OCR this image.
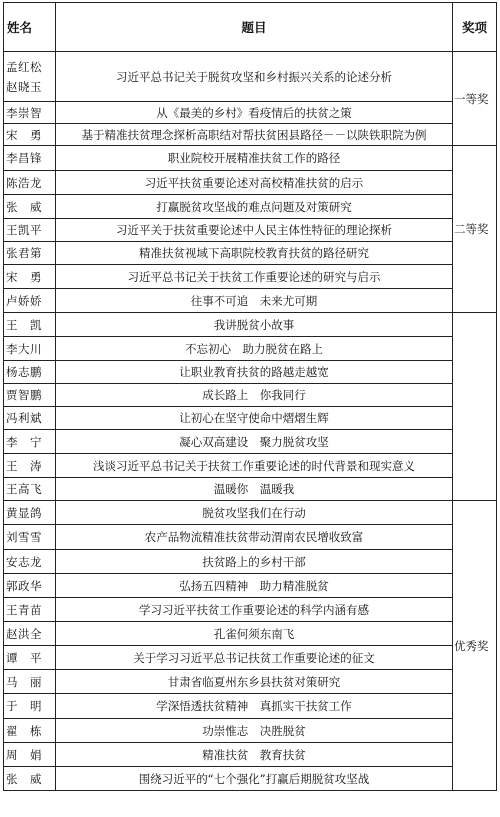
姓名	题目	奖项	

孟红松
赵晓玉	习近平总书记关于脱贫攻坚和乡村振兴关系的论述分析	一等奖	

李崇智	从《最美的乡村》看疫情后的扶贫之策		

宋　勇	基于精准扶贫理念探析高职结对帮扶贫困县路径－－以陕铁职院为例		

李昌锋	职业院校开展精准扶贫工作的路径	二等奖	

陈浩龙	习近平扶贫重要论述对高校精准扶贫的启示		

张　威	打赢脱贫攻坚战的难点问题及对策研究		

王凯平	习近平关于扶贫重要论述中人民主体性特征的理论探析		

张君第	精准扶贫视域下高职院校教育扶贫的路径研究		

宋　勇	习近平总书记关于扶贫工作重要论述的研究与启示		

卢娇娇	往事不可追　未来尤可期	

王　凯	我讲脱贫小故事		

李大川	不忘初心　助力脱贫在路上		

杨志鹏	让职业教育扶贫的路越走越宽		

贾智鹏	成长路上　你我同行		

冯利斌	让初心在坚守使命中熠熠生辉		

李　宁	凝心双高建设　聚力脱贫攻坚		

王　涛	浅谈习近平总书记关于扶贫工作重要论述的时代背景和现实意义		

王高飞	温暖你　温暖我		

黄显鸽	脱贫攻坚我们在行动	优秀奖	

刘雪雪	农产品物流精准扶贫带动渭南农民增收致富		

安志龙	扶贫路上的乡村干部		

郭政华	弘扬五四精神　助力精准脱贫		

王青苗	学习习近平扶贫工作重要论述的科学内涵有感		

赵洪全	孔雀何须东南飞		

谭　平	关于学习习近平总书记扶贫工作重要论述的征文		

马　丽	甘肃省临夏州东乡县扶贫对策研究		

于　明	学深悟透扶贫精神　真抓实干扶贫工作		

翟　栋	功崇惟志　决胜脱贫		

周　娟	精准扶贫　教育扶贫		

张　威	围绕习近平的“七个强化”打赢后期脱贫攻坚战		
